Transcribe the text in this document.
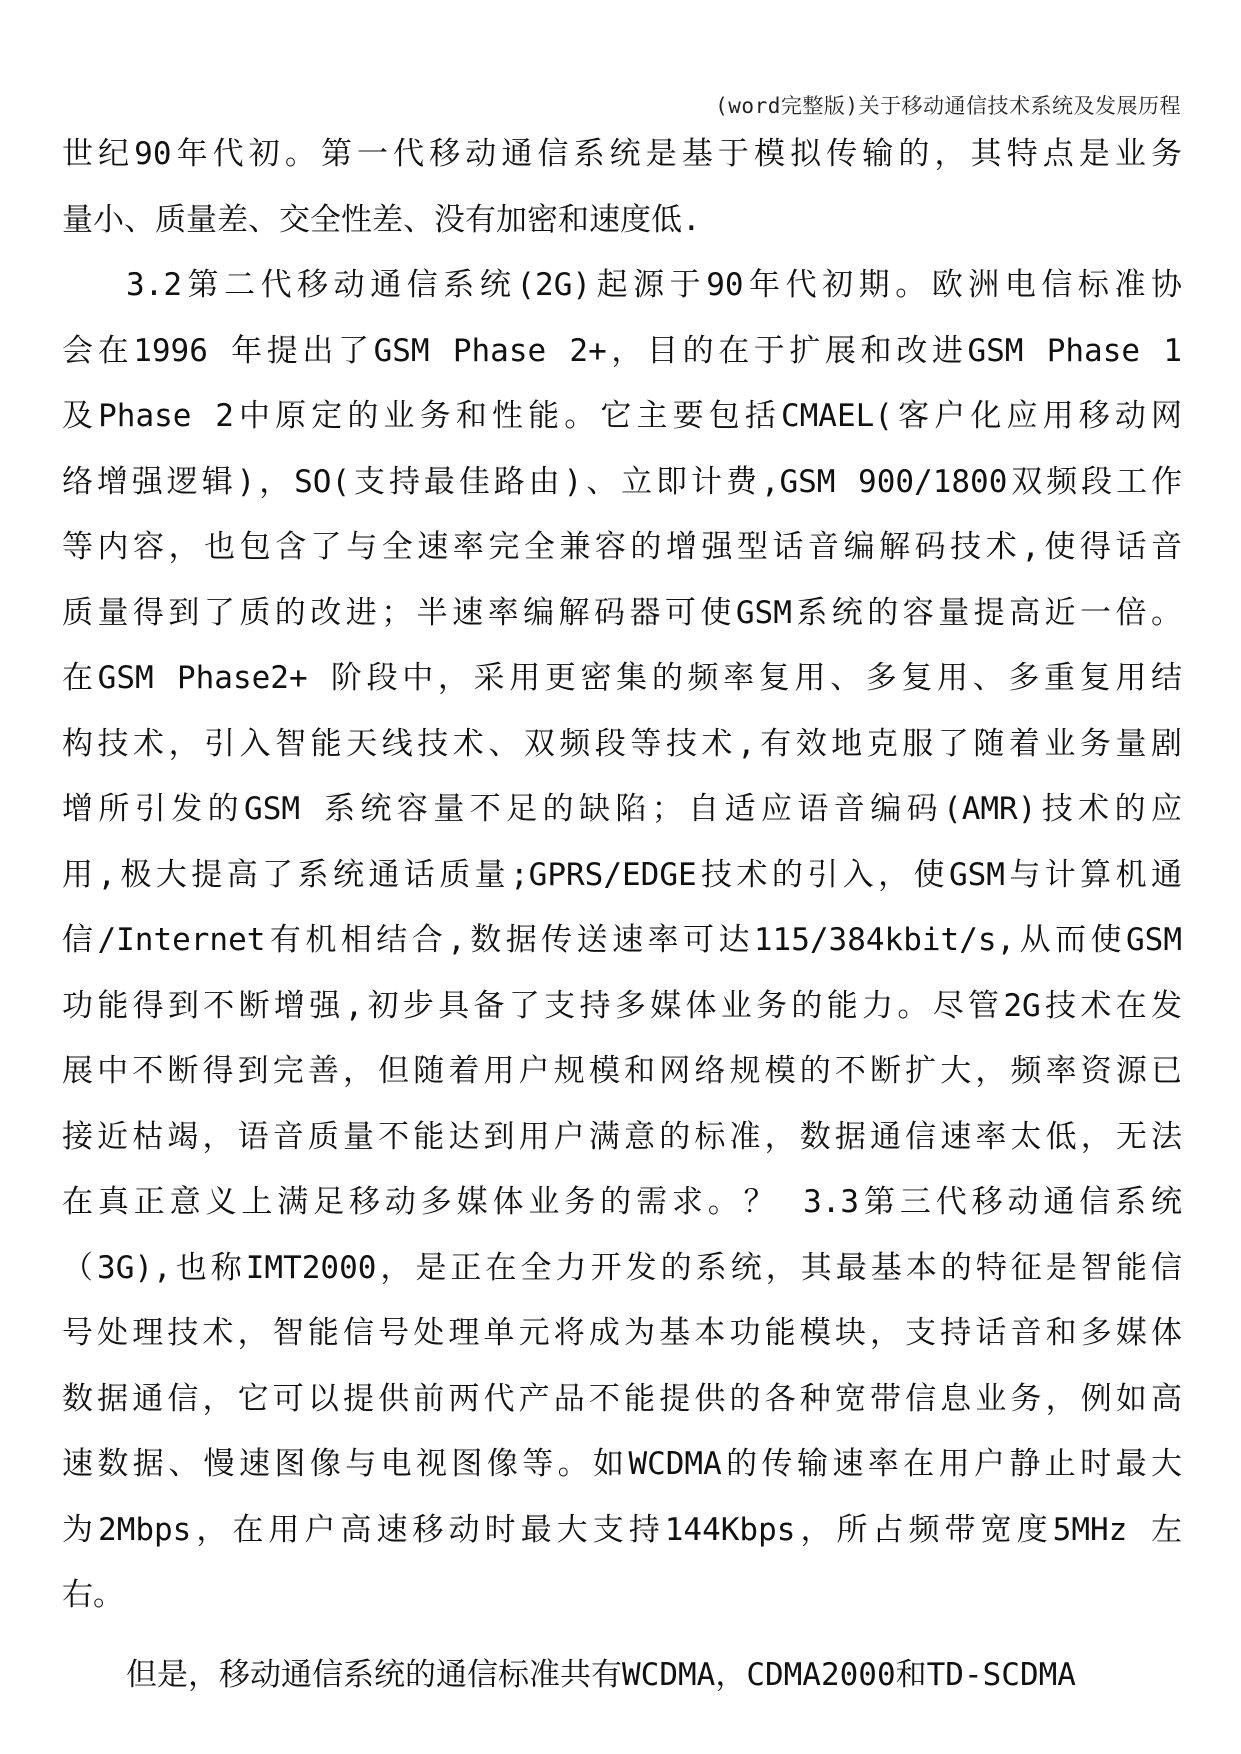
(word完整版)关于移动通信技术系统及发展历程
世纪90年代初。第一代移动通信系统是基于模拟传输的，其特点是业务
量小、质量差、交全性差、没有加密和速度低.
3.2第二代移动通信系统(2G)起源于90年代初期。欧洲电信标准协
会在1996 年提出了GSM Phase 2+，目的在于扩展和改进GSM Phase 1
及Phase 2中原定的业务和性能。它主要包括CMAEL(客户化应用移动网
络增强逻辑)，SO(支持最佳路由)、立即计费,GSM 900/1800双频段工作
等内容，也包含了与全速率完全兼容的增强型话音编解码技术,使得话音
质量得到了质的改进；半速率编解码器可使GSM系统的容量提高近一倍。
在GSM Phase2+ 阶段中，采用更密集的频率复用、多复用、多重复用结
构技术，引入智能天线技术、双频段等技术,有效地克服了随着业务量剧
增所引发的GSM 系统容量不足的缺陷；自适应语音编码(AMR)技术的应
用,极大提高了系统通话质量;GPRS/EDGE技术的引入，使GSM与计算机通
信/Internet有机相结合,数据传送速率可达115/384kbit/s,从而使GSM
功能得到不断增强,初步具备了支持多媒体业务的能力。尽管2G技术在发
展中不断得到完善，但随着用户规模和网络规模的不断扩大，频率资源已
接近枯竭，语音质量不能达到用户满意的标准，数据通信速率太低，无法
在真正意义上满足移动多媒体业务的需求。？ 3.3第三代移动通信系统
（3G),也称IMT2000，是正在全力开发的系统，其最基本的特征是智能信
号处理技术，智能信号处理单元将成为基本功能模块，支持话音和多媒体
数据通信，它可以提供前两代产品不能提供的各种宽带信息业务，例如高
速数据、慢速图像与电视图像等。如WCDMA的传输速率在用户静止时最大
为2Mbps，在用户高速移动时最大支持144Kbps，所占频带宽度5MHz 左
右。
但是，移动通信系统的通信标准共有WCDMA，CDMA2000和TD-SCDMA
